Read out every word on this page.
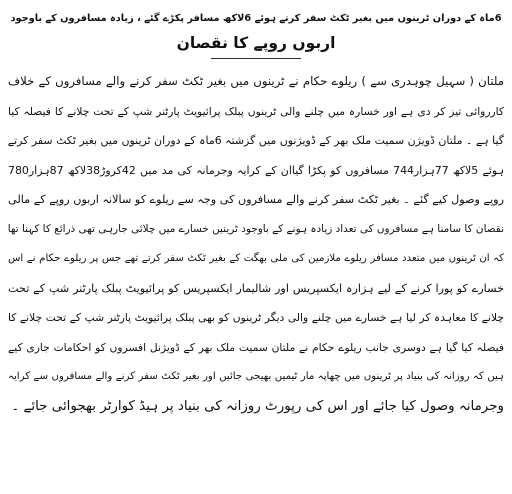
6ماہ کے دوران ٹرینوں میں بغیر ٹکٹ سفر کرتے ہوئے 6لاکھ مسافر پکڑے گئے ، زیادہ مسافروں کے باوجود
اربوں روپے کا نقصان
ملتان ( سہیل چوہدری سے ) ریلوے حکام نے ٹرینوں میں بغیر ٹکٹ سفر کرنے والے مسافروں کے خلاف
کارروائی تیز کر دی ہے اور خسارہ میں چلنے والی ٹرینوں پبلک پرائیویٹ پارٹنر شپ کے تحت چلانے کا فیصلہ کیا
گیا ہے ۔ ملتان ڈویژن سمیت ملک بھر کے ڈویژنوں میں گزشتہ 6ماہ کے دوران ٹرینوں میں بغیر ٹکٹ سفر کرتے
ہوئے 5لاکھ 77ہزار744 مسافروں کو پکڑا گیاان کے کرایہ وجرمانہ کی مد میں 42کروڑ38لاکھ 87ہزار780
روپے وصول کیے گئے ۔ بغیر ٹکٹ سفر کرنے والے مسافروں کی وجہ سے ریلوے کو سالانہ اربوں روپے کے مالی
نقصان کا سامنا ہے مسافروں کی تعداد زیادہ ہونے کے باوجود ٹرینیں خسارے میں چلائی جارہی تھی ذرائع کا کہنا تھا
کہ ان ٹرینوں میں متعدد مسافر ریلوے ملازمین کی ملی بھگت کے بغیر ٹکٹ سفر کرتے تھے جس پر ریلوے حکام نے اس
خسارے کو پورا کرنے کے لیے ہزارہ ایکسپریس اور شالیمار ایکسپریس کو پرائیویٹ پبلک پارٹنر شپ کے تحت
چلانے کا معاہدہ کر لیا ہے خسارے میں چلنے والی دیگر ٹرینوں کو بھی پبلک پرائیویٹ پارٹنر شپ کے تحت چلانے کا
فیصلہ کیا گیا ہے دوسری جانب ریلوے حکام نے ملتان سمیت ملک بھر کے ڈویژنل افسروں کو احکامات جاری کیے
ہیں کہ روزانہ کی بنیاد پر ٹرینوں میں چھاپہ مار ٹیمیں بھیجی جائیں اور بغیر ٹکٹ سفر کرنے والے مسافروں سے کرایہ
وجرمانہ وصول کیا جائے اور اس کی رپورٹ روزانہ کی بنیاد پر ہیڈ کوارٹر بھجوائی جائے ۔
